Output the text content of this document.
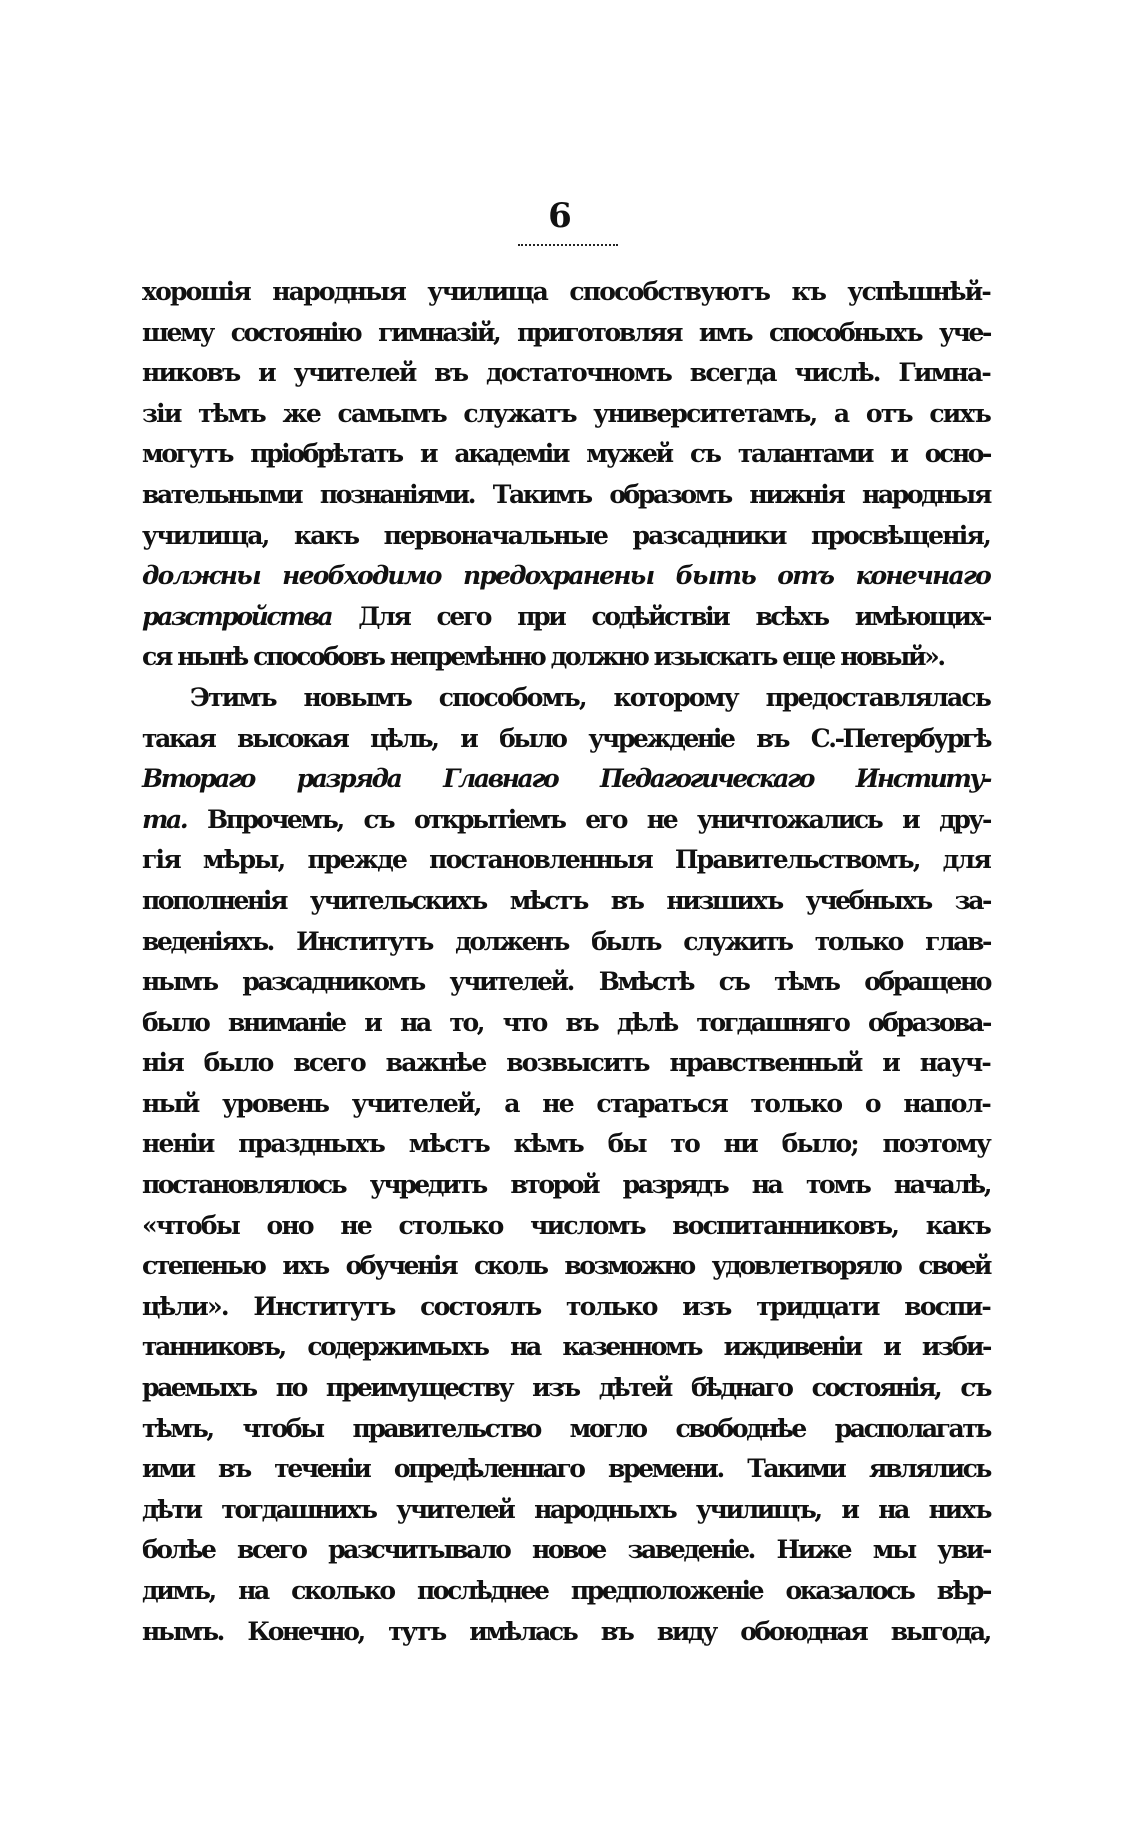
6
хорошія народныя училища способствуютъ къ успѣшнѣй-
шему состоянію гимназій, приготовляя имъ способныхъ уче-
никовъ и учителей въ достаточномъ всегда числѣ. Гимна-
зіи тѣмъ же самымъ служатъ университетамъ, а отъ сихъ
могутъ пріобрѣтать и академіи мужей съ талантами и осно-
вательными познаніями. Такимъ образомъ нижнія народныя
училища, какъ первоначальные разсадники просвѣщенія,
должны необходимо предохранены быть отъ конечнаго
разстройства Для сего при содѣйствіи всѣхъ имѣющих-
ся нынѣ способовъ непремѣнно должно изыскать еще новый».
Этимъ новымъ способомъ, которому предоставлялась
такая высокая цѣль, и было учрежденіе въ С.-Петербургѣ
Втораго разряда Главнаго Педагогическаго Институ-
та. Впрочемъ, съ открытіемъ его не уничтожались и дру-
гія мѣры, прежде постановленныя Правительствомъ, для
пополненія учительскихъ мѣстъ въ низшихъ учебныхъ за-
веденіяхъ. Институтъ долженъ былъ служить только глав-
нымъ разсадникомъ учителей. Вмѣстѣ съ тѣмъ обращено
было вниманіе и на то, что въ дѣлѣ тогдашняго образова-
нія было всего важнѣе возвысить нравственный и науч-
ный уровень учителей, а не стараться только о напол-
неніи праздныхъ мѣстъ кѣмъ бы то ни было; поэтому
постановлялось учредить второй разрядъ на томъ началѣ,
«чтобы оно не столько числомъ воспитанниковъ, какъ
степенью ихъ обученія сколь возможно удовлетворяло своей
цѣли». Институтъ состоялъ только изъ тридцати воспи-
танниковъ, содержимыхъ на казенномъ иждивеніи и изби-
раемыхъ по преимуществу изъ дѣтей бѣднаго состоянія, съ
тѣмъ, чтобы правительство могло свободнѣе располагать
ими въ теченіи опредѣленнаго времени. Такими являлись
дѣти тогдашнихъ учителей народныхъ училищъ, и на нихъ
болѣе всего разсчитывало новое заведеніе. Ниже мы уви-
димъ, на сколько послѣднее предположеніе оказалось вѣр-
нымъ. Конечно, тутъ имѣлась въ виду обоюдная выгода,
